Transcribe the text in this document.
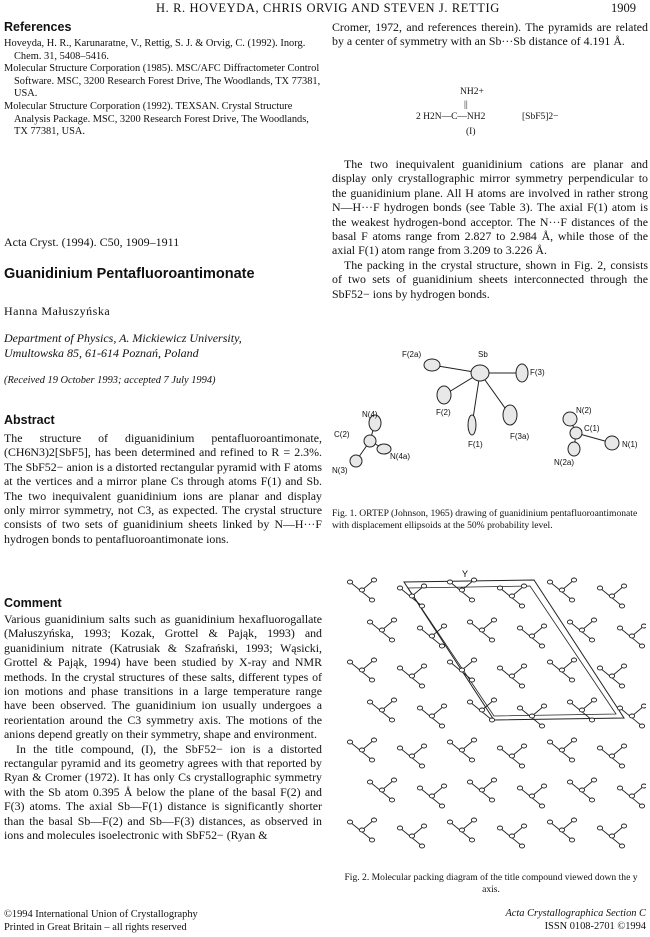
H. R. HOVEYDA, CHRIS ORVIG AND STEVEN J. RETTIG	1909
References

Hoveyda, H. R., Karunaratne, V., Rettig, S. J. & Orvig, C. (1992). Inorg. Chem. 31, 5408–5416.

Molecular Structure Corporation (1985). MSC/AFC Diffractometer Control Software. MSC, 3200 Research Forest Drive, The Woodlands, TX 77381, USA.

Molecular Structure Corporation (1992). TEXSAN. Crystal Structure Analysis Package. MSC, 3200 Research Forest Drive, The Woodlands, TX 77381, USA.

Acta Cryst. (1994). C50, 1909–1911
Guanidinium Pentafluoroantimonate
Hanna Małuszyńska
Department of Physics, A. Mickiewicz University,
Umultowska 85, 61-614 Poznań, Poland
(Received 19 October 1993; accepted 7 July 1994)
Abstract

The structure of diguanidinium pentafluoroantimonate, (CH6N3)2[SbF5], has been determined and refined to R = 2.3%. The SbF52− anion is a distorted rectangular pyramid with F atoms at the vertices and a mirror plane Cs through atoms F(1) and Sb. The two inequivalent guanidinium ions are planar and display only mirror symmetry, not C3, as expected. The crystal structure consists of two sets of guanidinium sheets linked by N—H···F hydrogen bonds to pentafluoroantimonate ions.

Comment

Various guanidinium salts such as guanidinium hexafluorogallate (Małuszyńska, 1993; Kozak, Grottel & Pająk, 1993) and guanidinium nitrate (Katrusiak & Szafrański, 1993; Wąsicki, Grottel & Pająk, 1994) have been studied by X-ray and NMR methods. In the crystal structures of these salts, different types of ion motions and phase transitions in a large temperature range have been observed. The guanidinium ion usually undergoes a reorientation around the C3 symmetry axis. The motions of the anions depend greatly on their symmetry, shape and environment.

In the title compound, (I), the SbF52− ion is a distorted rectangular pyramid and its geometry agrees with that reported by Ryan & Cromer (1972). It has only Cs crystallographic symmetry with the Sb atom 0.395 Å below the plane of the basal F(2) and F(3) atoms. The axial Sb—F(1) distance is significantly shorter than the basal Sb—F(2) and Sb—F(3) distances, as observed in ions and molecules isoelectronic with SbF52− (Ryan &

©1994 International Union of Crystallography
Printed in Great Britain – all rights reserved

Cromer, 1972, and references therein). The pyramids are related by a center of symmetry with an Sb···Sb distance of 4.191 Å.

NH2+
||
2 H2N—C—NH2	[SbF5]2−
(I)

The two inequivalent guanidinium cations are planar and display only crystallographic mirror symmetry perpendicular to the guanidinium plane. All H atoms are involved in rather strong N—H···F hydrogen bonds (see Table 3). The axial F(1) atom is the weakest hydrogen-bond acceptor. The N···F distances of the basal F atoms range from 2.827 to 2.984 Å, while those of the axial F(1) atom range from 3.209 to 3.226 Å.

The packing in the crystal structure, shown in Fig. 2, consists of two sets of guanidinium sheets interconnected through the SbF52− ions by hydrogen bonds.

Sb
F(2a)
F(3)
N(4)	F(2)	N(2)
F(1)
F(3a)
C(1)
C(2)
N(4a)
N(2a)
N(1)
N(3)
Fig. 1. ORTEP (Johnson, 1965) drawing of guanidinium pentafluoroantimonate with displacement ellipsoids at the 50% probability level.
Y
Fig. 2. Molecular packing diagram of the title compound viewed down the y axis.
Acta Crystallographica Section C
ISSN 0108-2701 ©1994
